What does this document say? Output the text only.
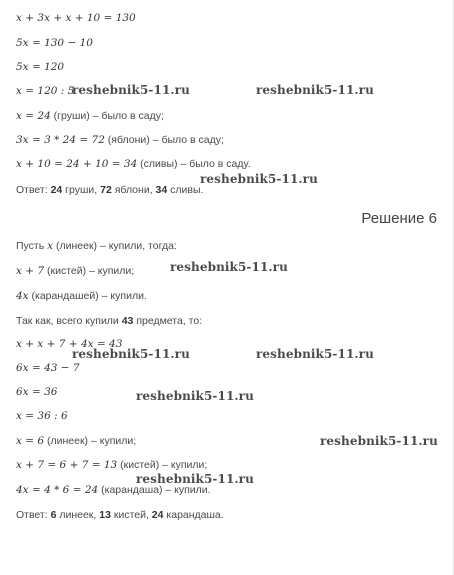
𝑥 + 3𝑥 + 𝑥 + 10 = 130
5𝑥 = 130 − 10
5𝑥 = 120
𝑥 = 120 : 5
𝑥 = 24 (груши) – было в саду;
3𝑥 = 3 * 24 = 72 (яблони) – было в саду;
𝑥 + 10 = 24 + 10 = 34 (сливы) – было в саду.
Ответ: 24 груши, 72 яблони, 34 сливы.
Решение 6
Пусть 𝑥 (линеек) – купили, тогда:
𝑥 + 7 (кистей) – купили;
4𝑥 (карандашей) – купили.
Так как, всего купили 43 предмета, то:
𝑥 + 𝑥 + 7 + 4𝑥 = 43
6𝑥 = 43 − 7
6𝑥 = 36
𝑥 = 36 : 6
𝑥 = 6 (линеек) – купили;
𝑥 + 7 = 6 + 7 = 13 (кистей) – купили;
4𝑥 = 4 * 6 = 24 (карандаша) – купили.
Ответ: 6 линеек, 13 кистей, 24 карандаша.
reshebnik5-11.ru	reshebnik5-11.ru
reshebnik5-11.ru
reshebnik5-11.ru
reshebnik5-11.ru	reshebnik5-11.ru
reshebnik5-11.ru
reshebnik5-11.ru
reshebnik5-11.ru
